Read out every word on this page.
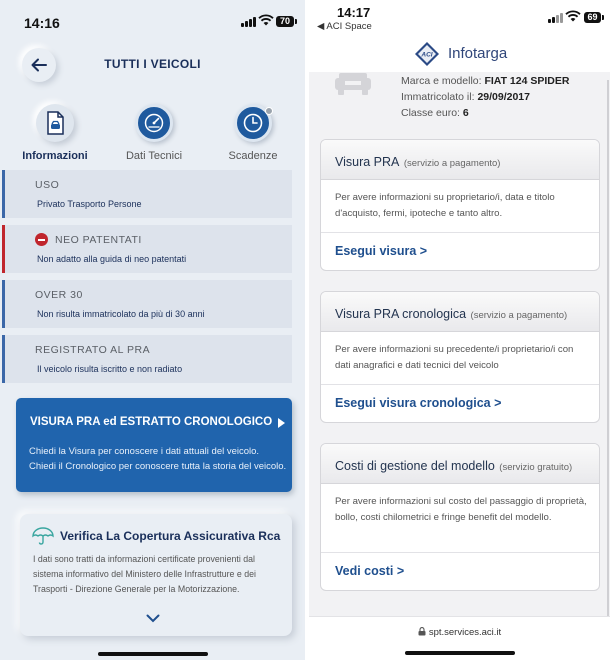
14:16	70
TUTTI I VEICOLI
Informazioni	Dati Tecnici	Scadenze
USO
Privato Trasporto Persone
NEO PATENTATI
Non adatto alla guida di neo patentati
OVER 30
Non risulta immatricolato da più di 30 anni
REGISTRATO AL PRA
Il veicolo risulta iscritto e non radiato
VISURA PRA ed ESTRATTO CRONOLOGICO
Chiedi la Visura per conoscere i dati attuali del veicolo. Chiedi il Cronologico per conoscere tutta la storia del veicolo.
Verifica La Copertura Assicurativa Rca
I dati sono tratti da informazioni certificate provenienti dal sistema informativo del Ministero delle Infrastrutture e dei Trasporti - Direzione Generale per la Motorizzazione.
14:17
◀ ACI Space
69
ACI Infotarga
Marca e modello: FIAT 124 SPIDER
Immatricolato il: 29/09/2017
Classe euro: 6
Visura PRA (servizio a pagamento)
Per avere informazioni su proprietario/i, data e titolo d'acquisto, fermi, ipoteche e tanto altro.
Esegui visura >
Visura PRA cronologica (servizio a pagamento)
Per avere informazioni su precedente/i proprietario/i con dati anagrafici e dati tecnici del veicolo
Esegui visura cronologica >
Costi di gestione del modello (servizio gratuito)
Per avere informazioni sul costo del passaggio di proprietà, bollo, costi chilometrici e fringe benefit del modello.
Vedi costi >
spt.services.aci.it
